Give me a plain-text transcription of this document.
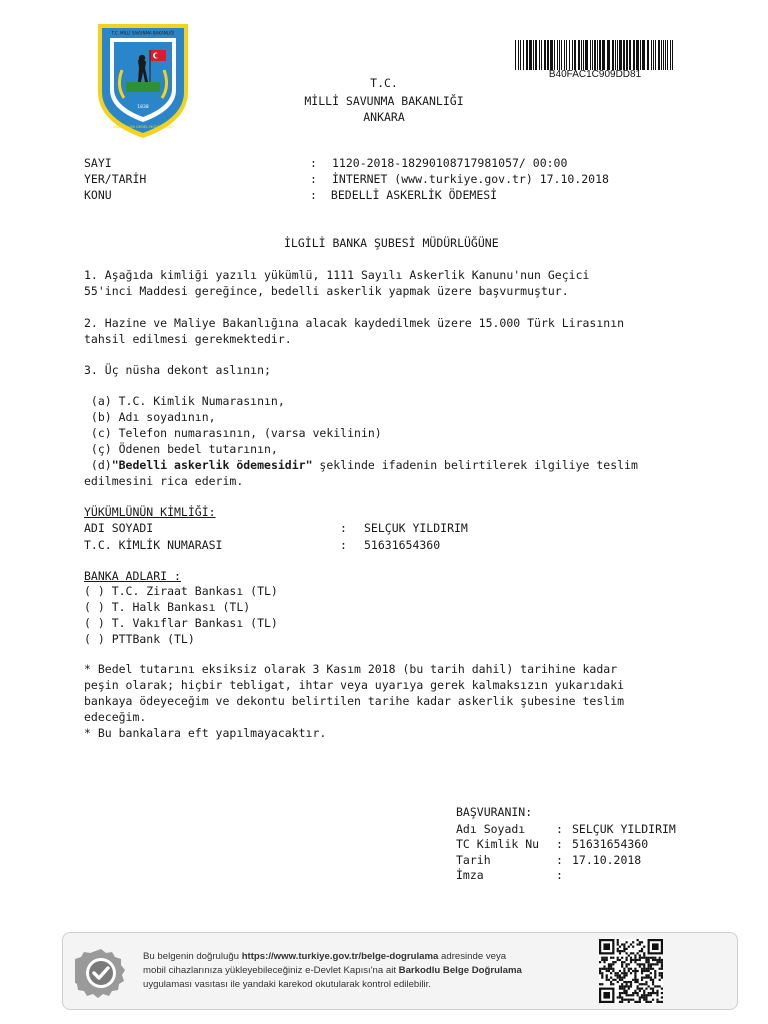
1838
T.C. MİLLİ SAVUNMA BAKANLIĞI
ASKERALMA GENEL MÜDÜRLÜĞÜ
B40FAC1C909DD81
T.C.
MİLLİ SAVUNMA BAKANLIĞI
ANKARA
SAYI	: 1120-2018-18290108717981057/ 00:00
YER/TARİH	: İNTERNET (www.turkiye.gov.tr) 17.10.2018
KONU	: BEDELLİ ASKERLİK ÖDEMESİ
İLGİLİ BANKA ŞUBESİ MÜDÜRLÜĞÜNE
1. Aşağıda kimliği yazılı yükümlü, 1111 Sayılı Askerlik Kanunu'nun Geçici
55'inci Maddesi gereğince, bedelli askerlik yapmak üzere başvurmuştur.
2. Hazine ve Maliye Bakanlığına alacak kaydedilmek üzere 15.000 Türk Lirasının
tahsil edilmesi gerekmektedir.
3. Üç nüsha dekont aslının;
(a) T.C. Kimlik Numarasının,
(b) Adı soyadının,
(c) Telefon numarasının, (varsa vekilinin)
(ç) Ödenen bedel tutarının,
(d)"Bedelli askerlik ödemesidir" şeklinde ifadenin belirtilerek ilgiliye teslim
edilmesini rica ederim.
YÜKÜMLÜNÜN KİMLİĞİ:
ADI SOYADI	: SELÇUK YILDIRIM
T.C. KİMLİK NUMARASI	: 51631654360
BANKA ADLARI :
( ) T.C. Ziraat Bankası (TL)
( ) T. Halk Bankası (TL)
( ) T. Vakıflar Bankası (TL)
( ) PTTBank (TL)
* Bedel tutarını eksiksiz olarak 3 Kasım 2018 (bu tarih dahil) tarihine kadar
peşin olarak; hiçbir tebligat, ihtar veya uyarıya gerek kalmaksızın yukarıdaki
bankaya ödeyeceğim ve dekontu belirtilen tarihe kadar askerlik şubesine teslim
edeceğim.
* Bu bankalara eft yapılmayacaktır.
BAŞVURANIN:
Adı Soyadı	: SELÇUK YILDIRIM
TC Kimlik Nu : 51631654360
Tarih	: 17.10.2018
İmza	:
Bu belgenin doğruluğu https://www.turkiye.gov.tr/belge-dogrulama adresinde veya
mobil cihazlarınıza yükleyebileceğiniz e-Devlet Kapısı'na ait Barkodlu Belge Doğrulama
uygulaması vasıtası ile yandaki karekod okutularak kontrol edilebilir.
